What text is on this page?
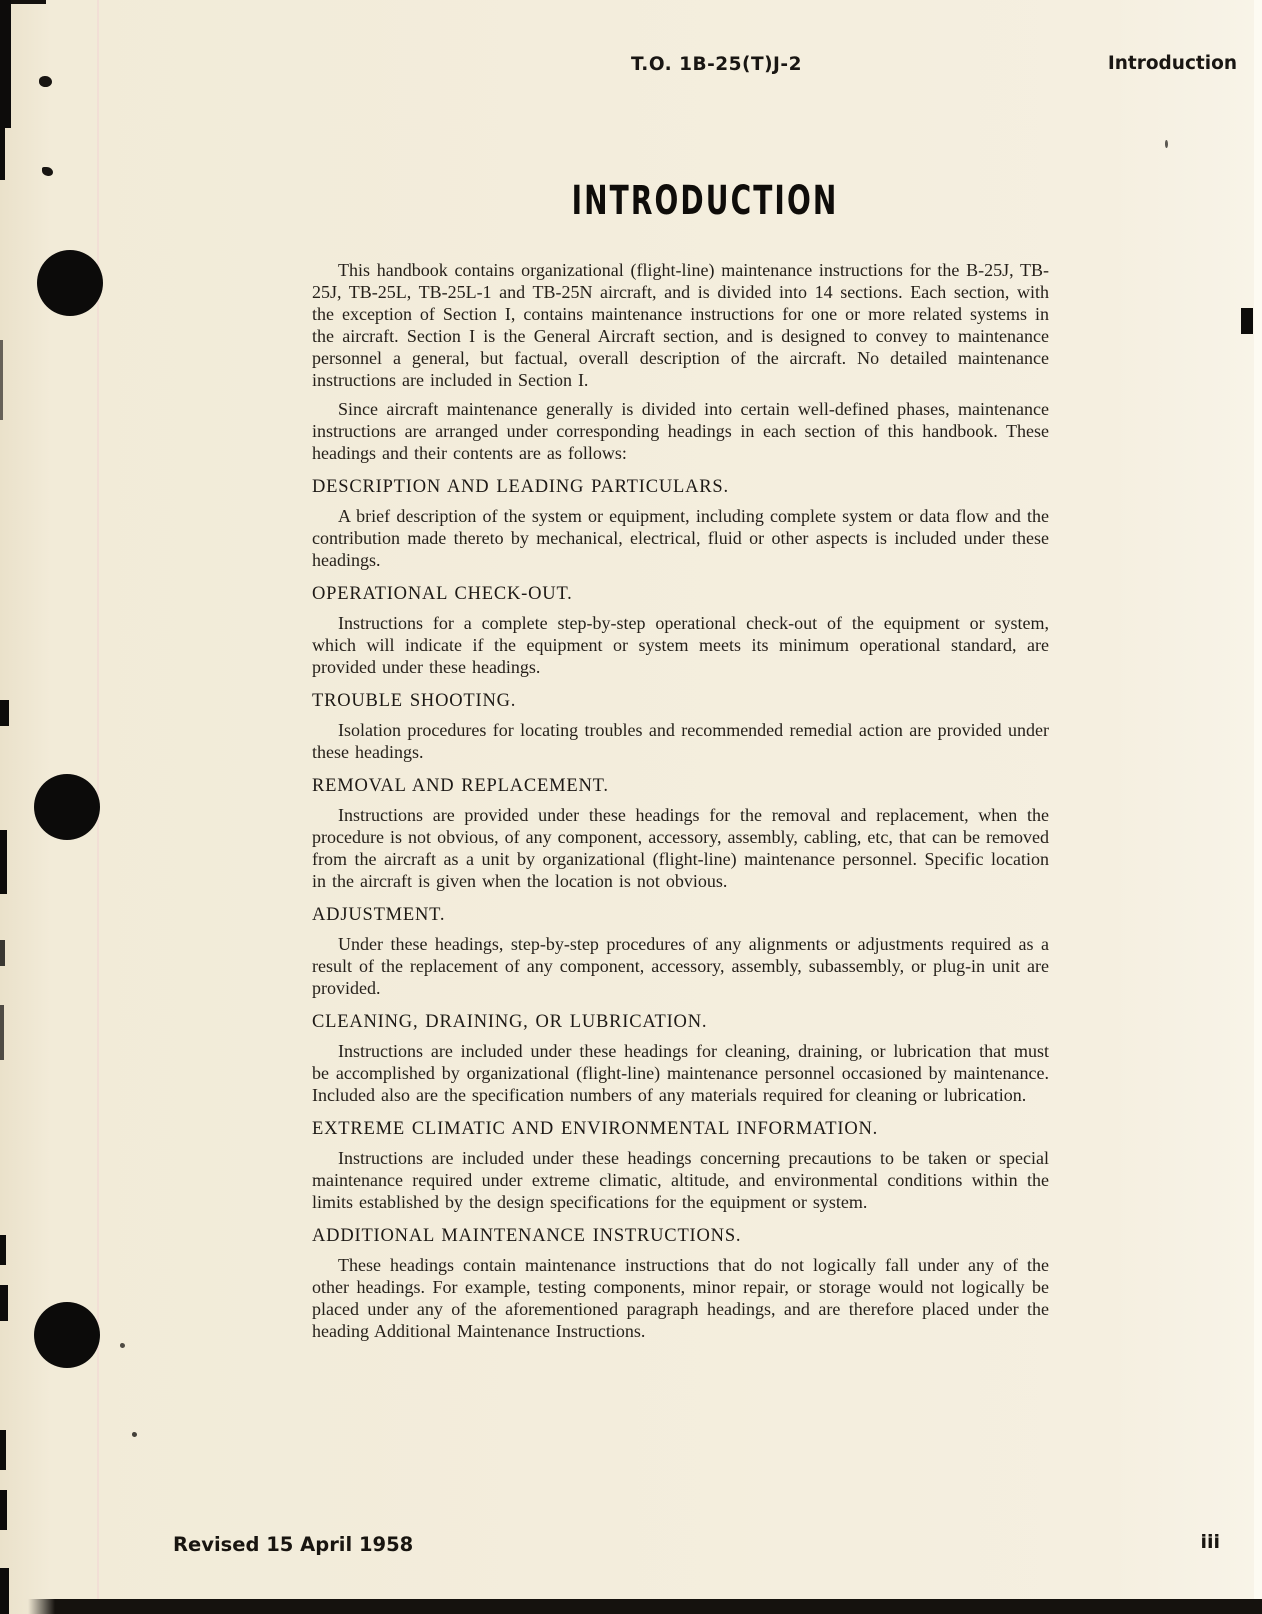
T.O. 1B-25(T)J-2	Introduction
INTRODUCTION

This handbook contains organizational (flight-line) maintenance instructions for the B-25J, TB-25J, TB-25L, TB-25L-1 and TB-25N aircraft, and is divided into 14 sections. Each section, with the exception of Section I, contains maintenance instructions for one or more related systems in the aircraft. Section I is the General Aircraft section, and is designed to convey to maintenance personnel a general, but factual, overall description of the aircraft. No detailed maintenance instructions are included in Section I.

Since aircraft maintenance generally is divided into certain well-defined phases, maintenance instructions are arranged under corresponding headings in each section of this handbook. These headings and their contents are as follows:

DESCRIPTION AND LEADING PARTICULARS.

A brief description of the system or equipment, including complete system or data flow and the contribution made thereto by mechanical, electrical, fluid or other aspects is included under these headings.

OPERATIONAL CHECK-OUT.

Instructions for a complete step-by-step operational check-out of the equipment or system, which will indicate if the equipment or system meets its minimum operational standard, are provided under these headings.

TROUBLE SHOOTING.

Isolation procedures for locating troubles and recommended remedial action are provided under these headings.

REMOVAL AND REPLACEMENT.

Instructions are provided under these headings for the removal and replacement, when the procedure is not obvious, of any component, accessory, assembly, cabling, etc, that can be removed from the aircraft as a unit by organizational (flight-line) maintenance personnel. Specific location in the aircraft is given when the location is not obvious.

ADJUSTMENT.

Under these headings, step-by-step procedures of any alignments or adjustments required as a result of the replacement of any component, accessory, assembly, subassembly, or plug-in unit are provided.

CLEANING, DRAINING, OR LUBRICATION.

Instructions are included under these headings for cleaning, draining, or lubrication that must be accomplished by organizational (flight-line) maintenance personnel occasioned by maintenance. Included also are the specification numbers of any materials required for cleaning or lubrication.

EXTREME CLIMATIC AND ENVIRONMENTAL INFORMATION.

Instructions are included under these headings concerning precautions to be taken or special maintenance required under extreme climatic, altitude, and environmental conditions within the limits established by the design specifications for the equipment or system.

ADDITIONAL MAINTENANCE INSTRUCTIONS.

These headings contain maintenance instructions that do not logically fall under any of the other headings. For example, testing components, minor repair, or storage would not logically be placed under any of the aforementioned paragraph headings, and are therefore placed under the heading Additional Maintenance Instructions.

Revised 15 April 1958	iii
